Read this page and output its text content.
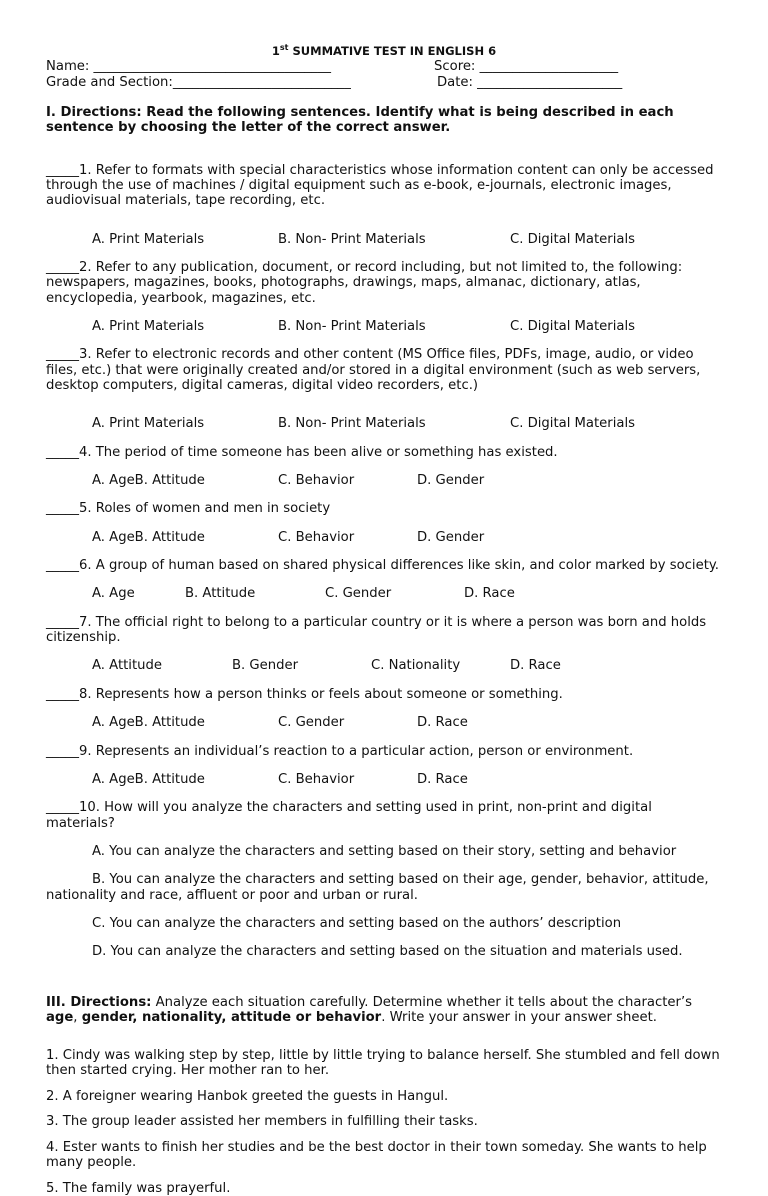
1st SUMMATIVE TEST IN ENGLISH 6
Name: ____________________________________	Score: _____________________
Grade and Section:___________________________	Date: ______________________

I. Directions: Read the following sentences. Identify what is being described in each sentence by choosing the letter of the correct answer.

_____1. Refer to formats with special characteristics whose information content can only be accessed through the use of machines / digital equipment such as e-book, e-journals, electronic images, audiovisual materials, tape recording, etc.

A. Print Materials	B. Non- Print Materials	C. Digital Materials

_____2. Refer to any publication, document, or record including, but not limited to, the following: newspapers, magazines, books, photographs, drawings, maps, almanac, dictionary, atlas, encyclopedia, yearbook, magazines, etc.

A. Print Materials	B. Non- Print Materials	C. Digital Materials

_____3. Refer to electronic records and other content (MS Office files, PDFs, image, audio, or video files, etc.) that were originally created and/or stored in a digital environment (such as web servers, desktop computers, digital cameras, digital video recorders, etc.)

A. Print Materials	B. Non- Print Materials	C. Digital Materials

_____4. The period of time someone has been alive or something has existed.

A. AgeB. Attitude	C. Behavior	D. Gender

_____5. Roles of women and men in society

A. AgeB. Attitude	C. Behavior	D. Gender

_____6. A group of human based on shared physical differences like skin, and color marked by society.

A. Age	B. Attitude	C. Gender	D. Race

_____7. The official right to belong to a particular country or it is where a person was born and holds citizenship.

A. Attitude	B. Gender	C. Nationality	D. Race

_____8. Represents how a person thinks or feels about someone or something.

A. AgeB. Attitude	C. Gender	D. Race

_____9. Represents an individual’s reaction to a particular action, person or environment.

A. AgeB. Attitude	C. Behavior	D. Race

_____10. How will you analyze the characters and setting used in print, non-print and digital materials?

A. You can analyze the characters and setting based on their story, setting and behavior

B. You can analyze the characters and setting based on their age, gender, behavior, attitude, nationality and race, affluent or poor and urban or rural.

C. You can analyze the characters and setting based on the authors’ description

D. You can analyze the characters and setting based on the situation and materials used.

III. Directions: Analyze each situation carefully. Determine whether it tells about the character’s age, gender, nationality, attitude or behavior. Write your answer in your answer sheet.

1. Cindy was walking step by step, little by little trying to balance herself. She stumbled and fell down then started crying. Her mother ran to her.

2. A foreigner wearing Hanbok greeted the guests in Hangul.

3. The group leader assisted her members in fulfilling their tasks.

4. Ester wants to finish her studies and be the best doctor in their town someday. She wants to help many people.

5. The family was prayerful.
